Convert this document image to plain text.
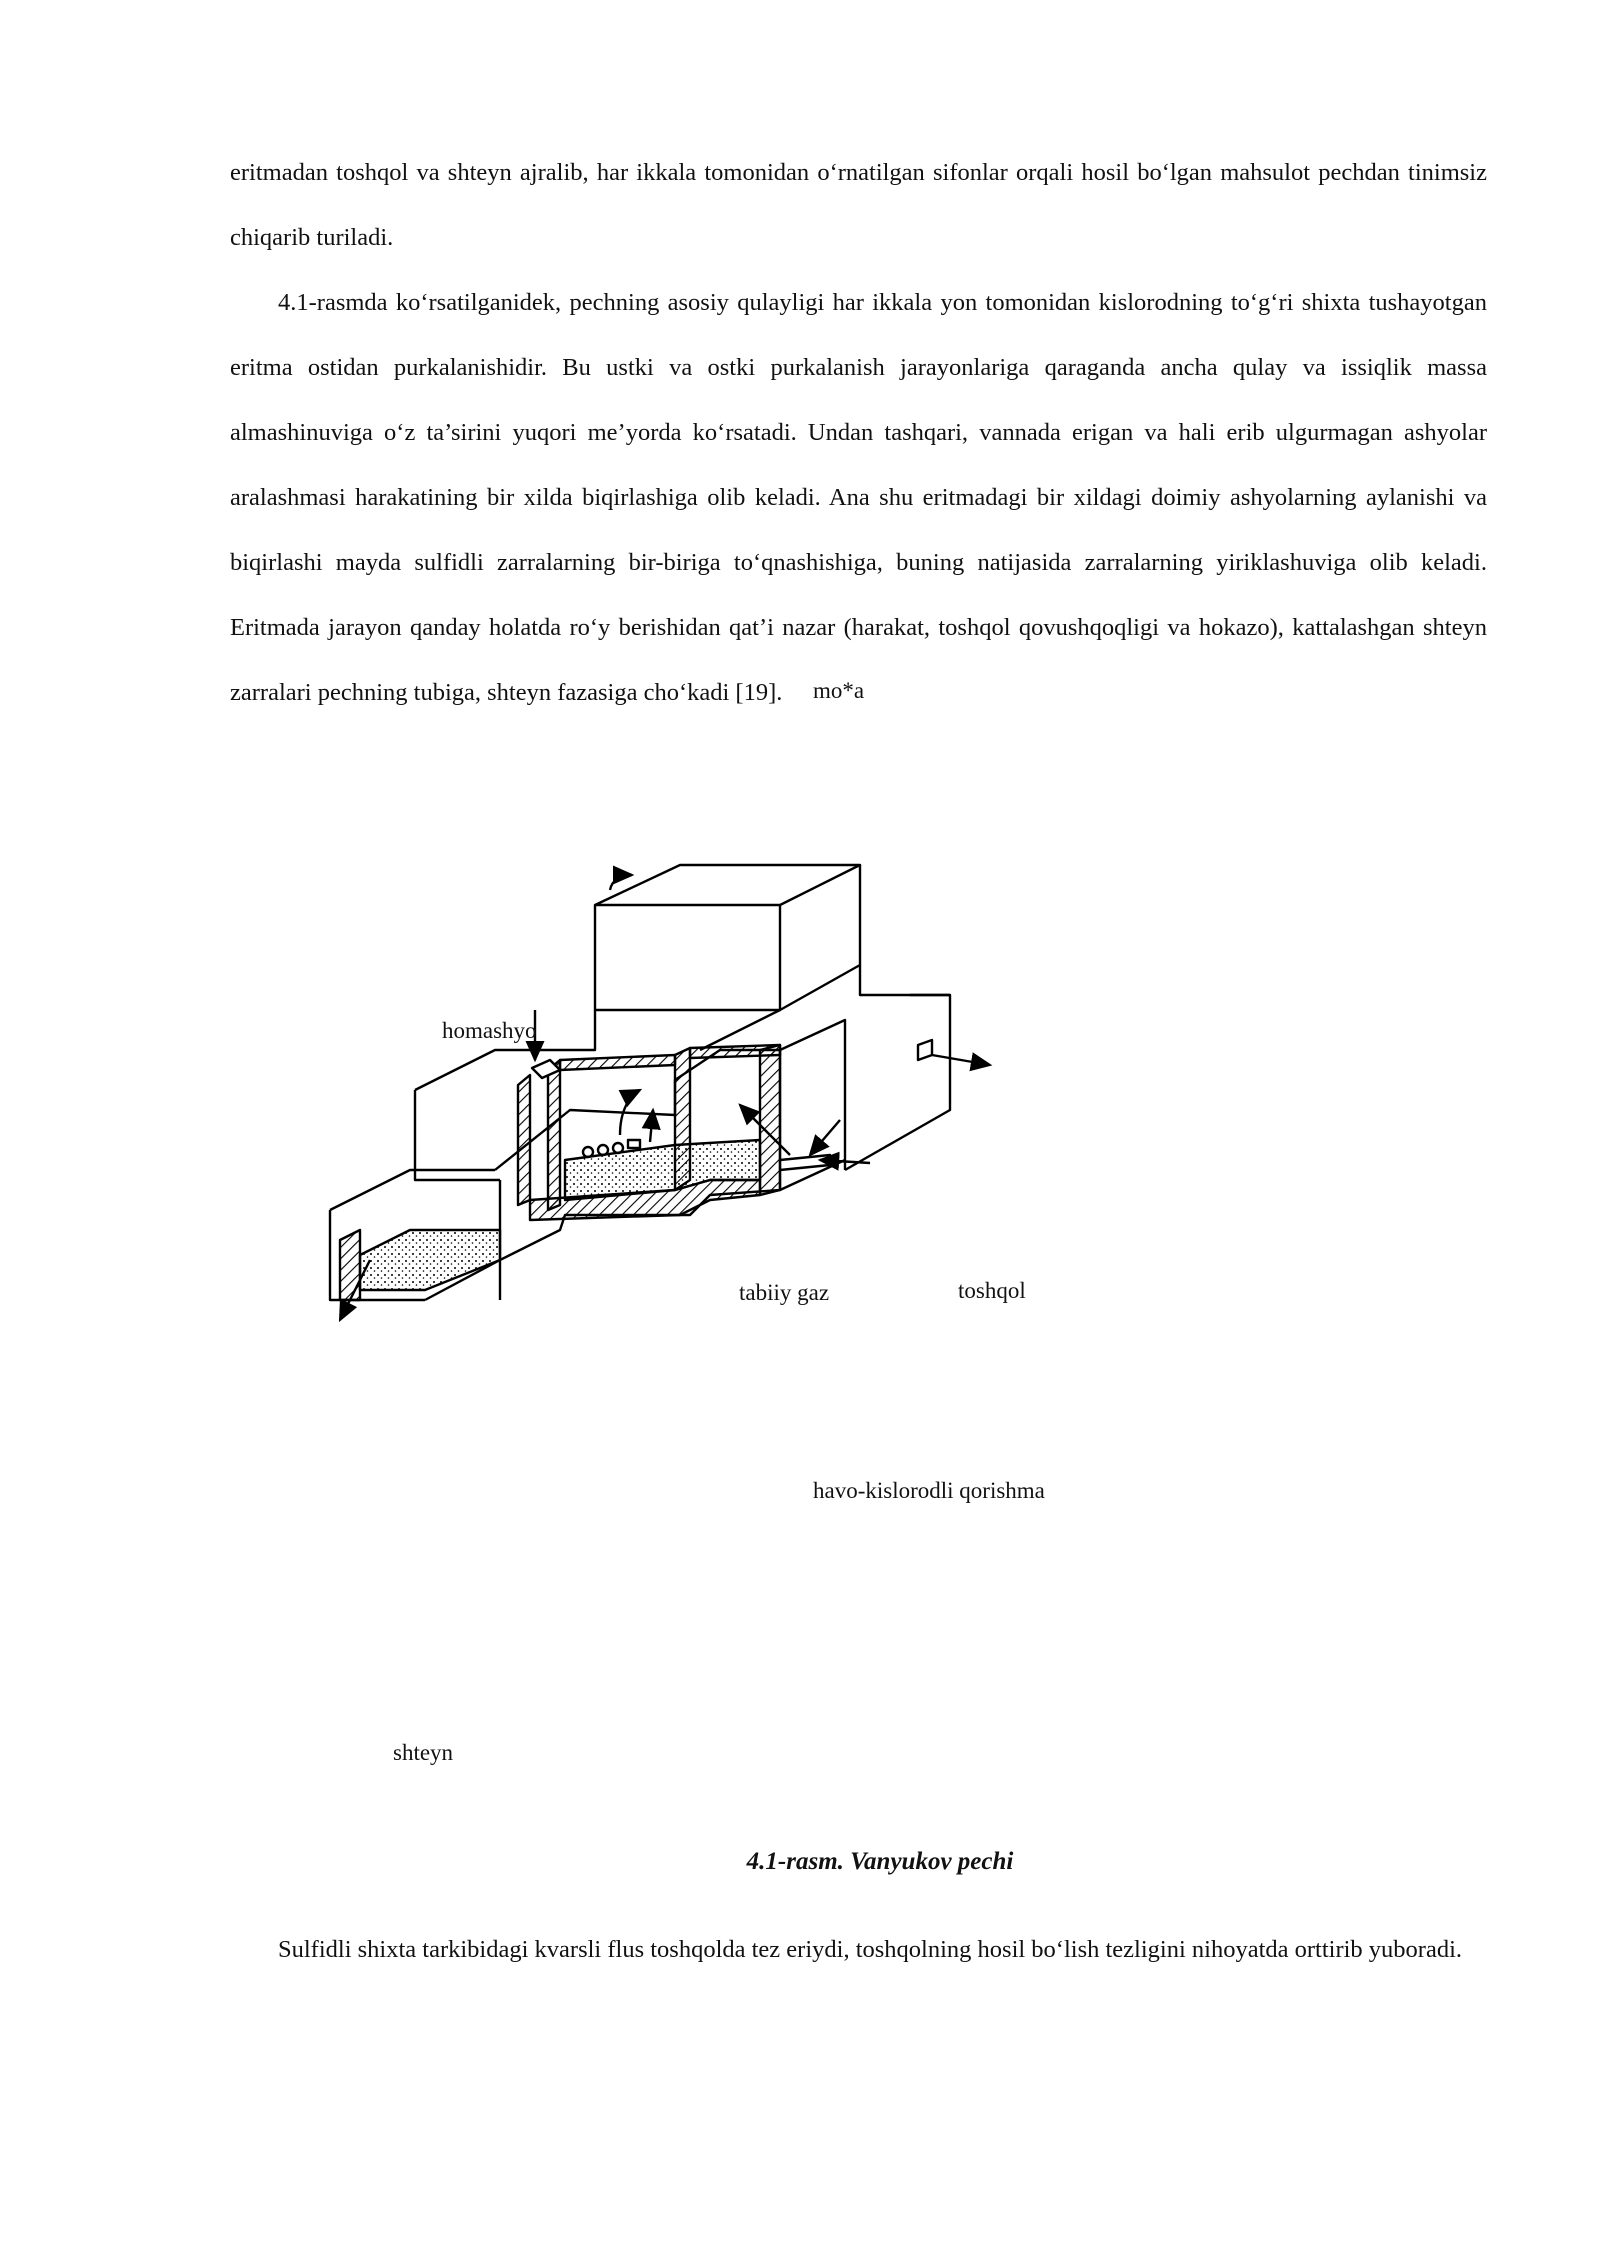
eritmadan toshqol va shteyn ajralib, har ikkala tomonidan o‘rnatilgan sifonlar orqali hosil bo‘lgan mahsulot pechdan tinimsiz chiqarib turiladi.

4.1-rasmda ko‘rsatilganidek, pechning asosiy qulayligi har ikkala yon tomonidan kislorodning to‘g‘ri shixta tushayotgan eritma ostidan purkalanishidir. Bu ustki va ostki purkalanish jarayonlariga qaraganda ancha qulay va issiqlik massa almashinuviga o‘z ta’sirini yuqori me’yorda ko‘rsatadi. Undan tashqari, vannada erigan va hali erib ulgurmagan ashyolar aralashmasi harakatining bir xilda biqirlashiga olib keladi. Ana shu eritmadagi bir xildagi doimiy ashyolarning aylanishi va biqirlashi mayda sulfidli zarralarning bir-biriga to‘qnashishiga, buning natijasida zarralarning yiriklashuviga olib keladi. Eritmada jarayon qanday holatda ro‘y berishidan qat’i nazar (harakat, toshqol qovushqoqligi va hokazo), kattalashgan shteyn zarralari pechning tubiga, shteyn fazasiga cho‘kadi [19].

homashyo
mo*a
tabiiy gaz	toshqol
havo-kislorodli qorishma
shteyn

4.1-rasm. Vanyukov pechi

Sulfidli shixta tarkibidagi kvarsli flus toshqolda tez eriydi, toshqolning hosil bo‘lish tezligini nihoyatda orttirib yuboradi.
